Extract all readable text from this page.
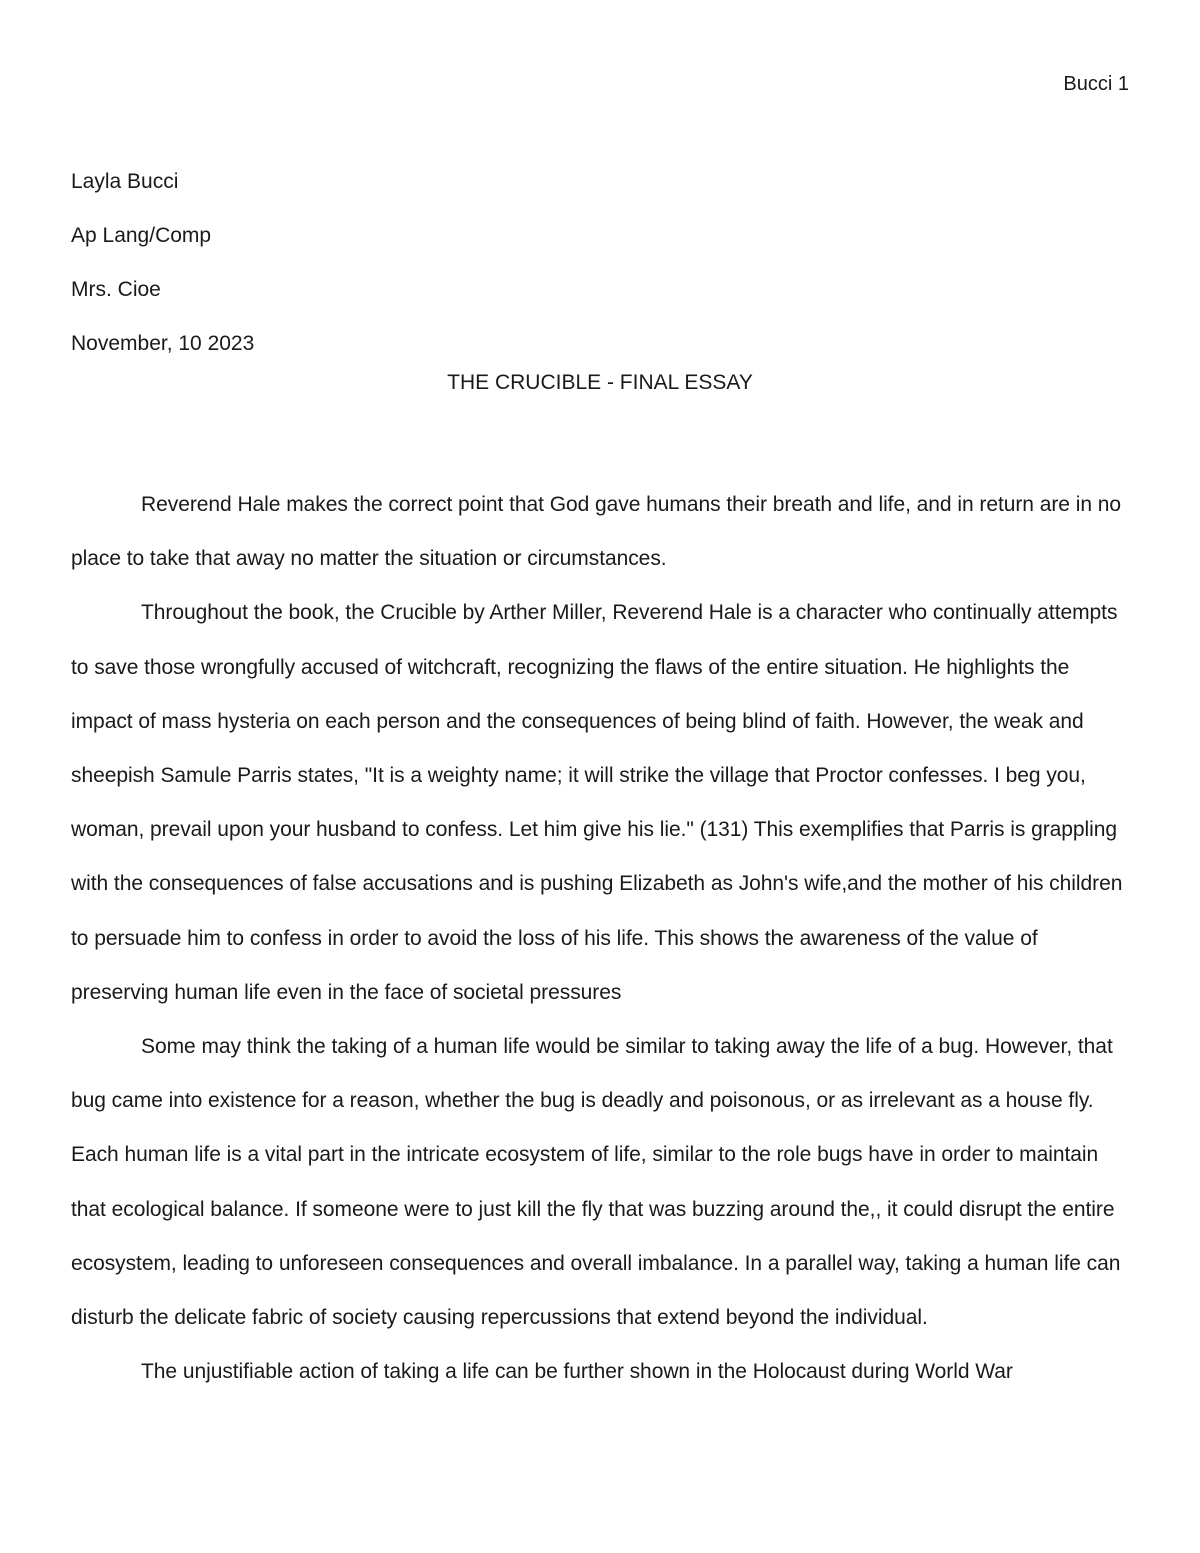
Bucci 1
Layla Bucci
Ap Lang/Comp
Mrs. Cioe
November, 10 2023
THE CRUCIBLE - FINAL ESSAY

Reverend Hale makes the correct point that God gave humans their breath and life, and in return are in no place to take that away no matter the situation or circumstances.

Throughout the book, the Crucible by Arther Miller, Reverend Hale is a character who continually attempts to save those wrongfully accused of witchcraft, recognizing the flaws of the entire situation. He highlights the impact of mass hysteria on each person and the consequences of being blind of faith. However, the weak and sheepish Samule Parris states, "It is a weighty name; it will strike the village that Proctor confesses. I beg you, woman, prevail upon your husband to confess. Let him give his lie." (131) This exemplifies that Parris is grappling with the consequences of false accusations and is pushing Elizabeth as John's wife,and the mother of his children to persuade him to confess in order to avoid the loss of his life. This shows the awareness of the value of preserving human life even in the face of societal pressures

Some may think the taking of a human life would be similar to taking away the life of a bug. However, that bug came into existence for a reason, whether the bug is deadly and poisonous, or as irrelevant as a house fly. Each human life is a vital part in the intricate ecosystem of life, similar to the role bugs have in order to maintain that ecological balance. If someone were to just kill the fly that was buzzing around the,, it could disrupt the entire ecosystem, leading to unforeseen consequences and overall imbalance. In a parallel way, taking a human life can disturb the delicate fabric of society causing repercussions that extend beyond the individual.

The unjustifiable action of taking a life can be further shown in the Holocaust during World War
